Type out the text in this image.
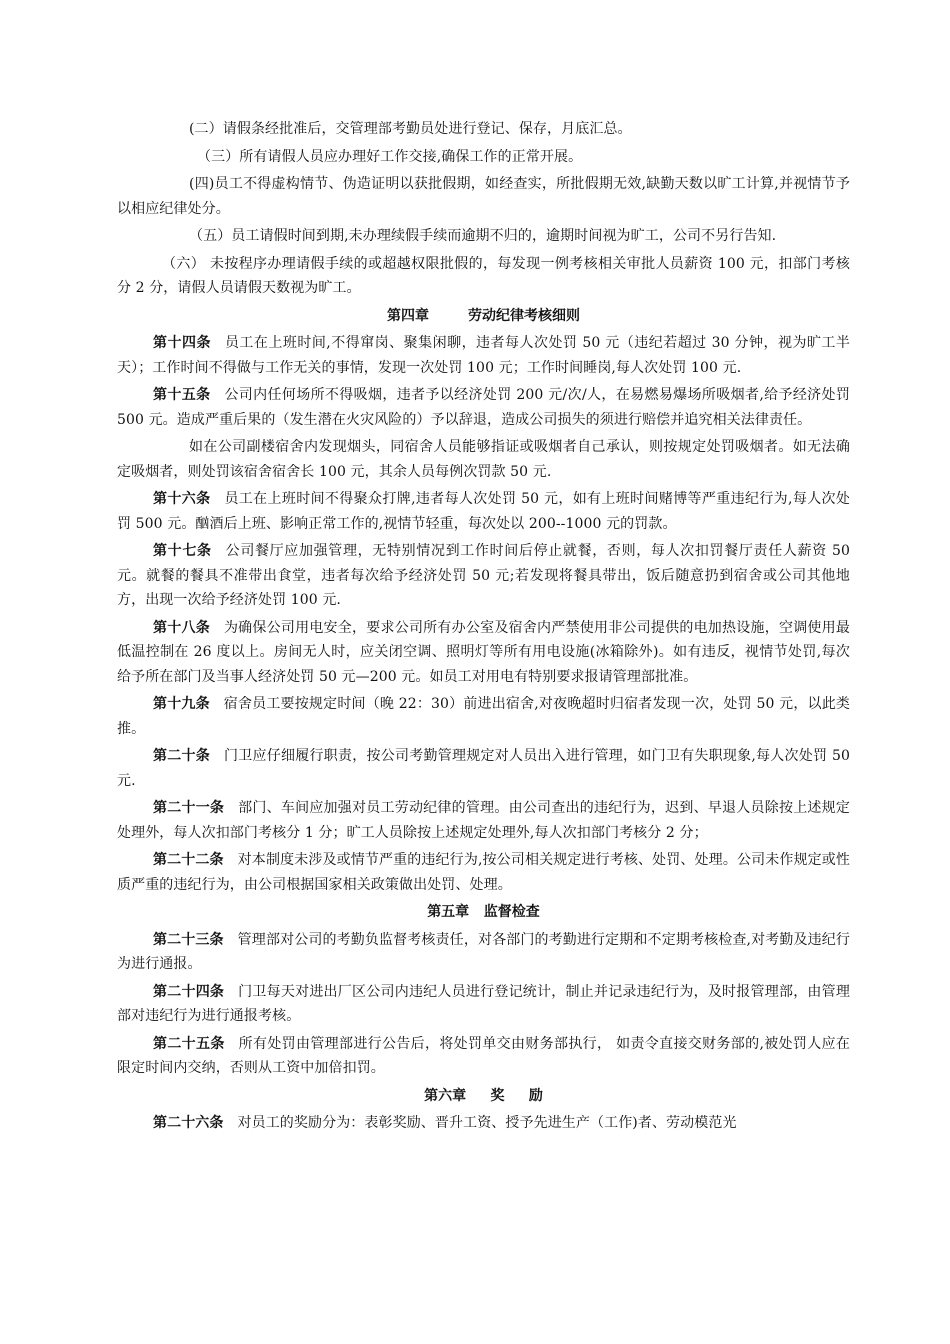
(二）请假条经批准后，交管理部考勤员处进行登记、保存，月底汇总。

（三）所有请假人员应办理好工作交接,确保工作的正常开展。

(四)员工不得虚构情节、伪造证明以获批假期，如经查实，所批假期无效,缺勤天数以旷工计算,并视情节予以相应纪律处分。

（五）员工请假时间到期,未办理续假手续而逾期不归的，逾期时间视为旷工，公司不另行告知.

（六） 未按程序办理请假手续的或超越权限批假的，每发现一例考核相关审批人员薪资 100 元，扣部门考核分 2 分，请假人员请假天数视为旷工。

第四章        劳动纪律考核细则

第十四条 员工在上班时间,不得窜岗、聚集闲聊，违者每人次处罚 50 元（违纪若超过 30 分钟，视为旷工半天）；工作时间不得做与工作无关的事情，发现一次处罚 100 元；工作时间睡岗,每人次处罚 100 元.

第十五条 公司内任何场所不得吸烟，违者予以经济处罚 200 元/次/人，在易燃易爆场所吸烟者,给予经济处罚 500 元。造成严重后果的（发生潜在火灾风险的）予以辞退，造成公司损失的须进行赔偿并追究相关法律责任。

如在公司副楼宿舍内发现烟头，同宿舍人员能够指证或吸烟者自己承认，则按规定处罚吸烟者。如无法确定吸烟者，则处罚该宿舍宿舍长 100 元，其余人员每例次罚款 50 元.

第十六条 员工在上班时间不得聚众打牌,违者每人次处罚 50 元，如有上班时间赌博等严重违纪行为,每人次处罚 500 元。酗酒后上班、影响正常工作的,视情节轻重，每次处以 200--1000 元的罚款。

第十七条 公司餐厅应加强管理，无特别情况到工作时间后停止就餐，否则，每人次扣罚餐厅责任人薪资 50 元。就餐的餐具不准带出食堂，违者每次给予经济处罚 50 元;若发现将餐具带出，饭后随意扔到宿舍或公司其他地方，出现一次给予经济处罚 100 元.

第十八条 为确保公司用电安全，要求公司所有办公室及宿舍内严禁使用非公司提供的电加热设施，空调使用最低温控制在 26 度以上。房间无人时，应关闭空调、照明灯等所有用电设施(冰箱除外)。如有违反，视情节处罚,每次给予所在部门及当事人经济处罚 50 元—200 元。如员工对用电有特别要求报请管理部批准。

第十九条 宿舍员工要按规定时间（晚 22：30）前进出宿舍,对夜晚超时归宿者发现一次，处罚 50 元，以此类推。

第二十条 门卫应仔细履行职责，按公司考勤管理规定对人员出入进行管理，如门卫有失职现象,每人次处罚 50 元.

第二十一条 部门、车间应加强对员工劳动纪律的管理。由公司查出的违纪行为，迟到、早退人员除按上述规定处理外，每人次扣部门考核分 1 分；旷工人员除按上述规定处理外,每人次扣部门考核分 2 分；

第二十二条 对本制度未涉及或情节严重的违纪行为,按公司相关规定进行考核、处罚、处理。公司未作规定或性质严重的违纪行为，由公司根据国家相关政策做出处罚、处理。

第五章   监督检查

第二十三条 管理部对公司的考勤负监督考核责任，对各部门的考勤进行定期和不定期考核检查,对考勤及违纪行为进行通报。

第二十四条 门卫每天对进出厂区公司内违纪人员进行登记统计，制止并记录违纪行为，及时报管理部，由管理部对违纪行为进行通报考核。

第二十五条 所有处罚由管理部进行公告后，将处罚单交由财务部执行， 如责令直接交财务部的,被处罚人应在限定时间内交纳，否则从工资中加倍扣罚。

第六章     奖     励

第二十六条 对员工的奖励分为：表彰奖励、晋升工资、授予先进生产（工作)者、劳动模范光
